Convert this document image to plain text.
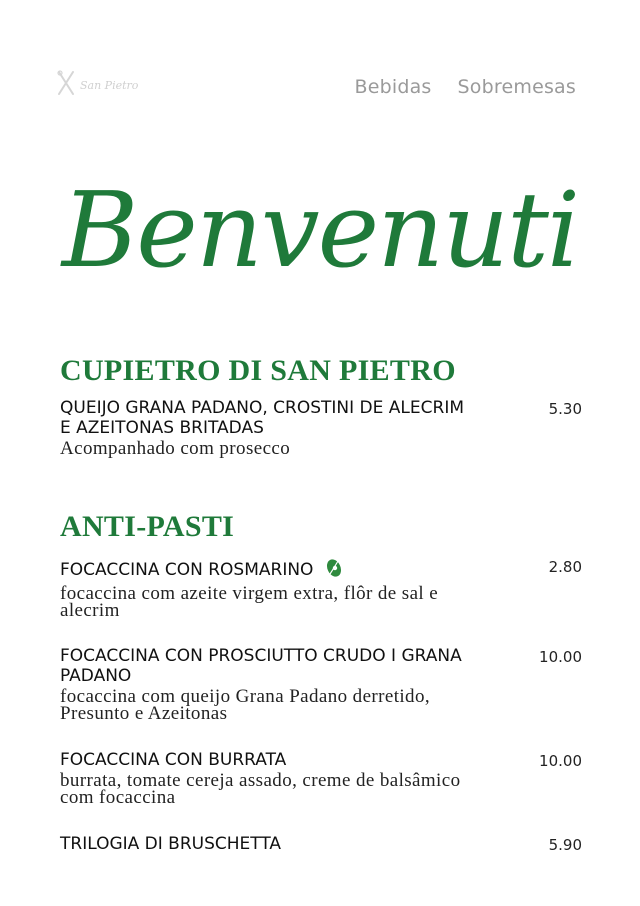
San Pietro	Bebidas Sobremesas
Benvenuti
CUPIETRO DI SAN PIETRO
QUEIJO GRANA PADANO, CROSTINI DE ALECRIM E AZEITONAS BRITADAS
Acompanhado com prosecco
5.30
ANTI-PASTI
FOCACCINA CON ROSMARINO
focaccina com azeite virgem extra, flôr de sal e alecrim
2.80
FOCACCINA CON PROSCIUTTO CRUDO I GRANA PADANO
focaccina com queijo Grana Padano derretido, Presunto e Azeitonas
10.00
FOCACCINA CON BURRATA
burrata, tomate cereja assado, creme de balsâmico com focaccina
10.00
TRILOGIA DI BRUSCHETTA	5.90
